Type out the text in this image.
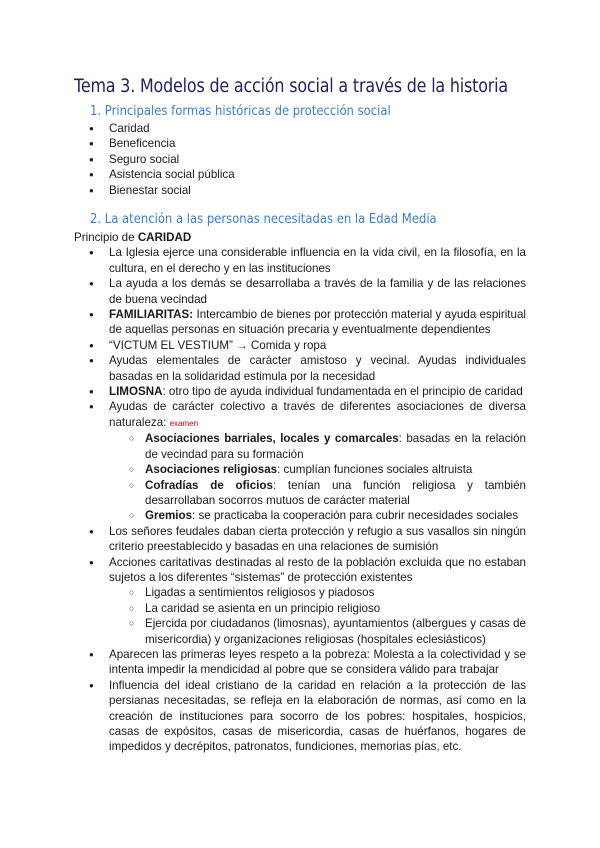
Tema 3. Modelos de acción social a través de la historia
1. Principales formas históricas de protección social
● Caridad
● Beneficencia
● Seguro social
● Asistencia social pública
● Bienestar social
2. La atención a las personas necesitadas en la Edad Media
Principio de CARIDAD
● La Iglesia ejerce una considerable influencia en la vida civil, en la filosofía, en la cultura, en el derecho y en las instituciones
● La ayuda a los demás se desarrollaba a través de la familia y de las relaciones de buena vecindad
● FAMILIARITAS: Intercambio de bienes por protección material y ayuda espiritual de aquellas personas en situación precaria y eventualmente dependientes
● “VICTUM EL VESTIUM” → Comida y ropa
● Ayudas elementales de carácter amistoso y vecinal. Ayudas individuales basadas en la solidaridad estimula por la necesidad
● LIMOSNA: otro tipo de ayuda individual fundamentada en el principio de caridad
● Ayudas de carácter colectivo a través de diferentes asociaciones de diversa naturaleza: examen
○ Asociaciones barriales, locales y comarcales: basadas en la relación de vecindad para su formación
○ Asociaciones religiosas: cumplían funciones sociales altruista
○ Cofradías de oficios: tenían una función religiosa y también desarrollaban socorros mutuos de carácter material
○ Gremios: se practicaba la cooperación para cubrir necesidades sociales
● Los señores feudales daban cierta protección y refugio a sus vasallos sin ningún criterio preestablecido y basadas en una relaciones de sumisión
● Acciones caritativas destinadas al resto de la población excluida que no estaban sujetos a los diferentes “sistemas” de protección existentes
○ Ligadas a sentimientos religiosos y piadosos
○ La caridad se asienta en un principio religioso
○ Ejercida por ciudadanos (limosnas), ayuntamientos (albergues y casas de misericordia) y organizaciones religiosas (hospitales eclesiásticos)
● Aparecen las primeras leyes respeto a la pobreza: Molesta a la colectividad y se intenta impedir la mendicidad al pobre que se considera válido para trabajar
● Influencia del ideal cristiano de la caridad en relación a la protección de las persianas necesitadas, se refleja en la elaboración de normas, así como en la creación de instituciones para socorro de los pobres: hospitales, hospicios, casas de expósitos, casas de misericordia, casas de huérfanos, hogares de impedidos y decrépitos, patronatos, fundiciones, memorias pías, etc.
